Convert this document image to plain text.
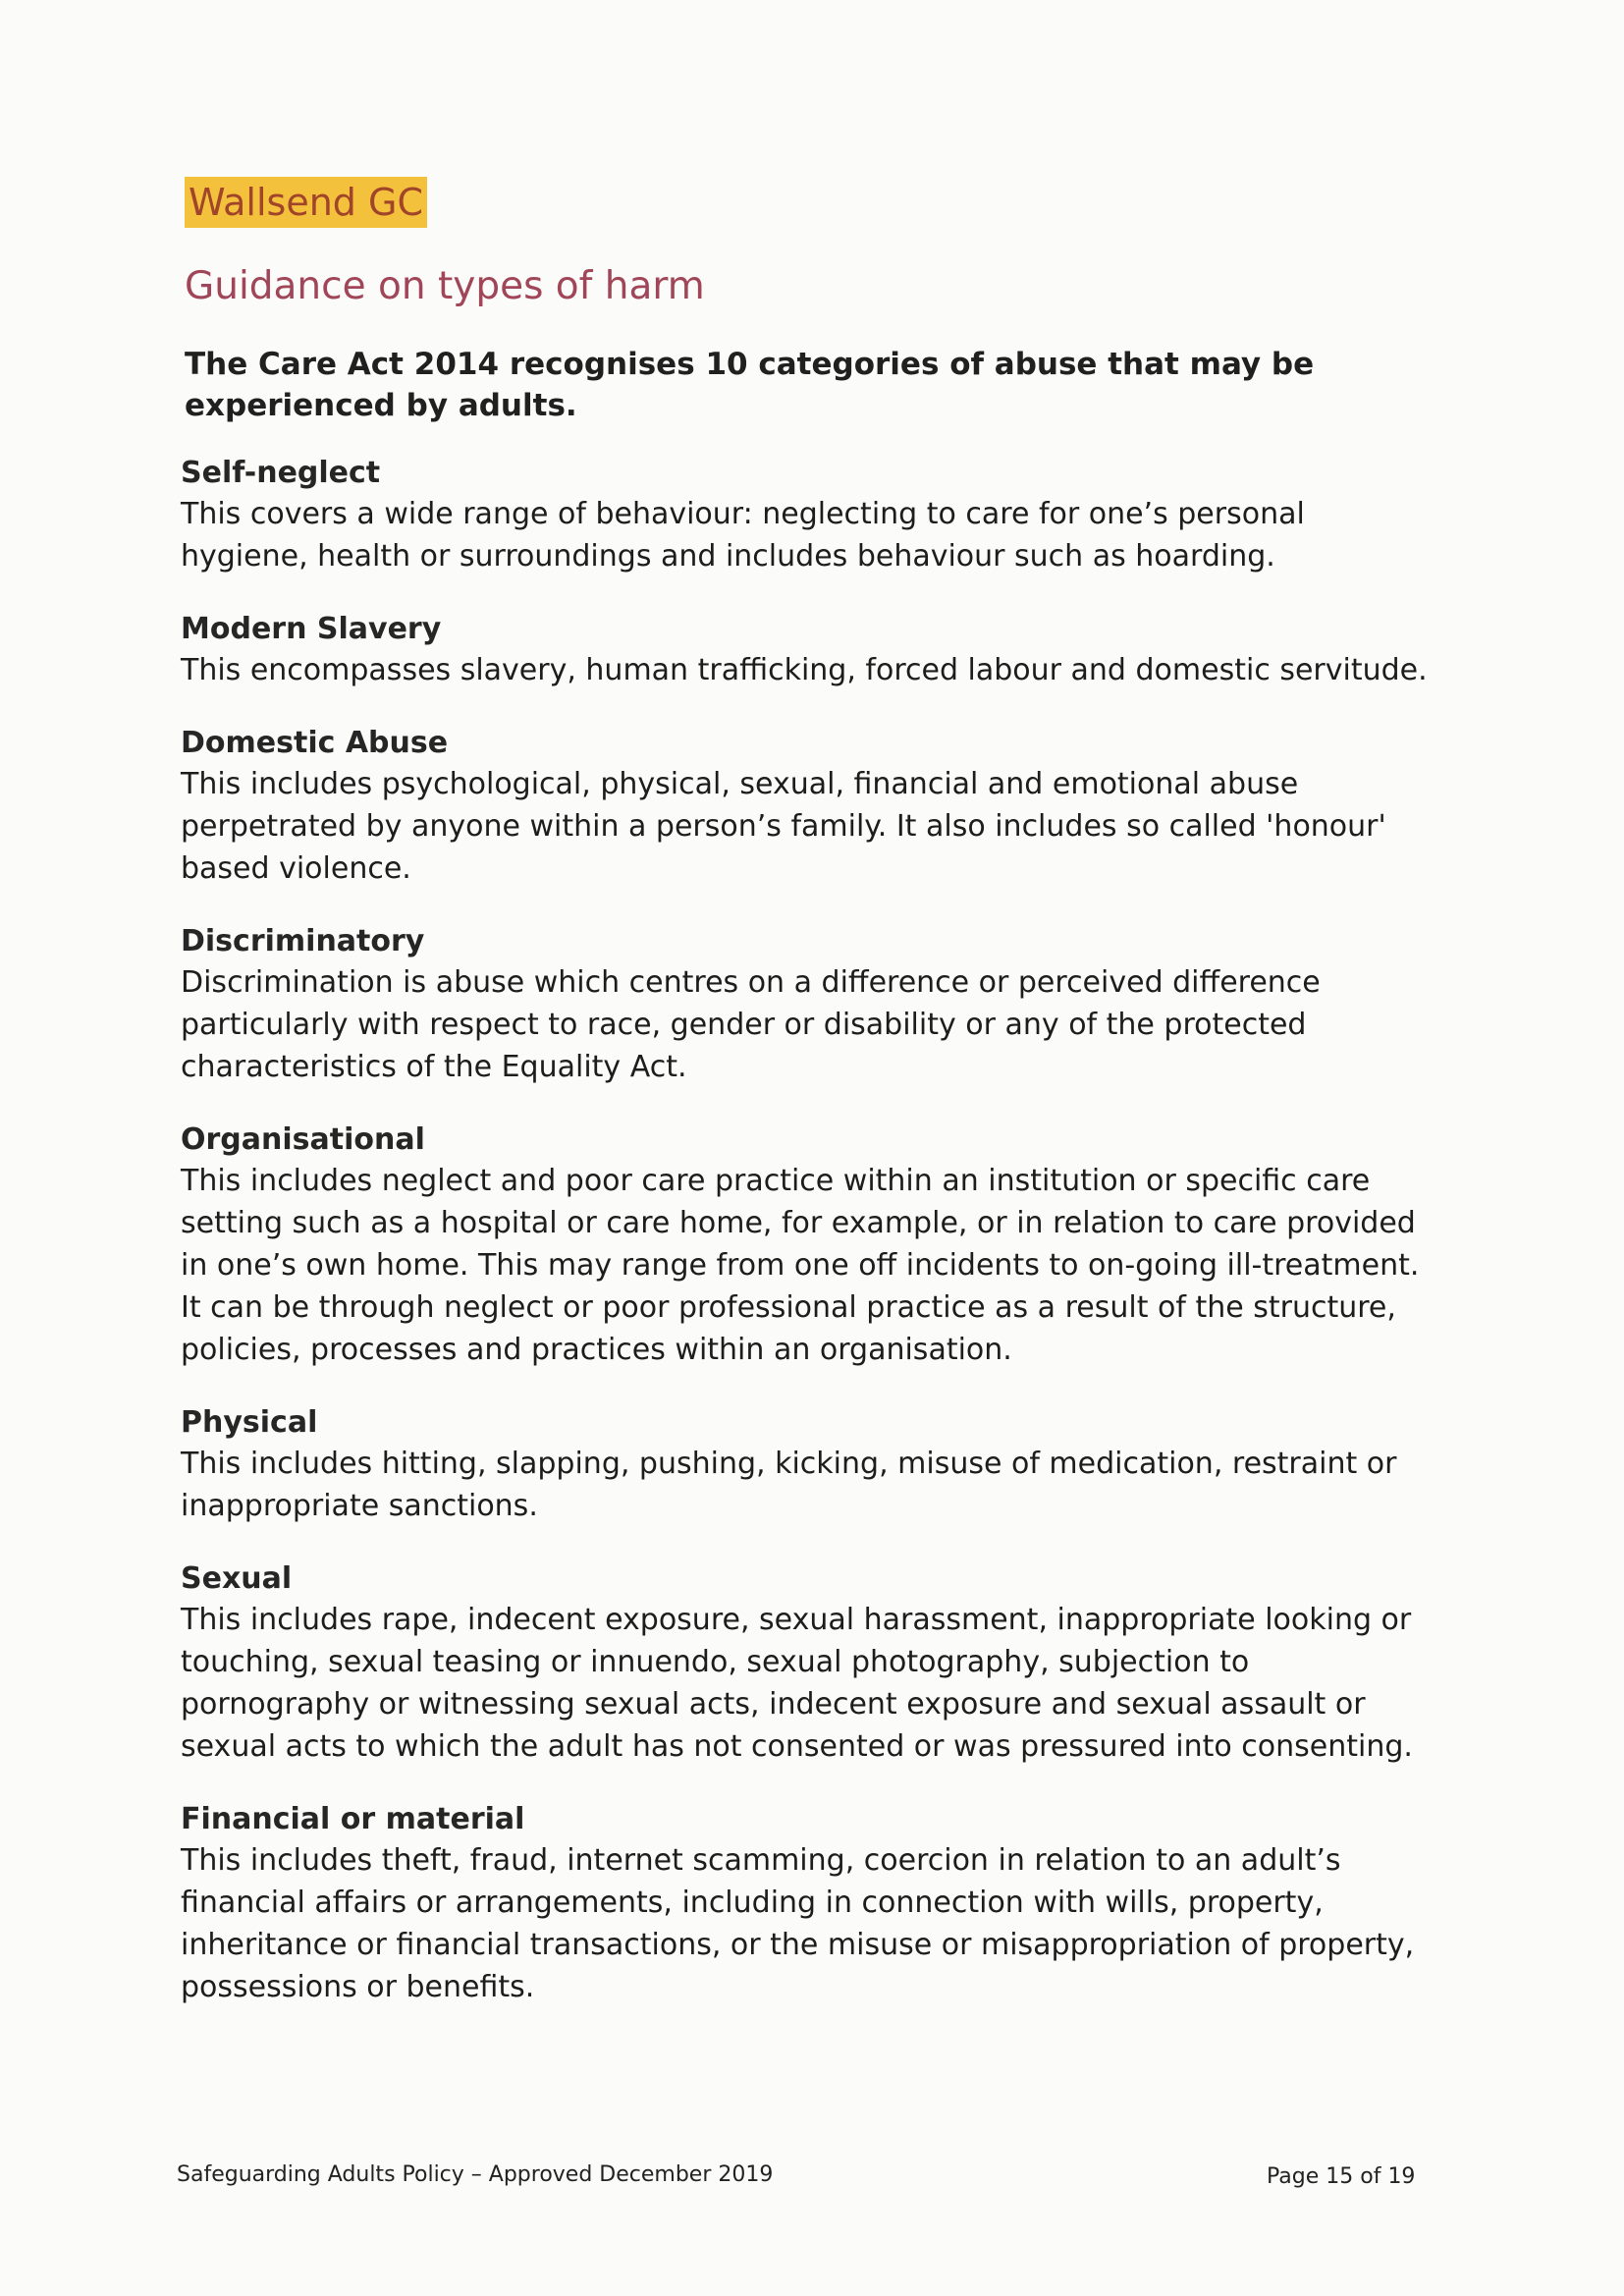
Wallsend GC
Guidance on types of harm
The Care Act 2014 recognises 10 categories of abuse that may be experienced by adults.
Self-neglect

This covers a wide range of behaviour: neglecting to care for one’s personal hygiene, health or surroundings and includes behaviour such as hoarding.

Modern Slavery

This encompasses slavery, human trafficking, forced labour and domestic servitude.

Domestic Abuse

This includes psychological, physical, sexual, financial and emotional abuse perpetrated by anyone within a person’s family. It also includes so called 'honour' based violence.

Discriminatory

Discrimination is abuse which centres on a difference or perceived difference particularly with respect to race, gender or disability or any of the protected characteristics of the Equality Act.

Organisational

This includes neglect and poor care practice within an institution or specific care setting such as a hospital or care home, for example, or in relation to care provided in one’s own home. This may range from one off incidents to on-going ill-treatment. It can be through neglect or poor professional practice as a result of the structure, policies, processes and practices within an organisation.

Physical

This includes hitting, slapping, pushing, kicking, misuse of medication, restraint or inappropriate sanctions.

Sexual

This includes rape, indecent exposure, sexual harassment, inappropriate looking or touching, sexual teasing or innuendo, sexual photography, subjection to pornography or witnessing sexual acts, indecent exposure and sexual assault or sexual acts to which the adult has not consented or was pressured into consenting.

Financial or material

This includes theft, fraud, internet scamming, coercion in relation to an adult’s financial affairs or arrangements, including in connection with wills, property, inheritance or financial transactions, or the misuse or misappropriation of property, possessions or benefits.

Safeguarding Adults Policy – Approved December 2019	Page 15 of 19
